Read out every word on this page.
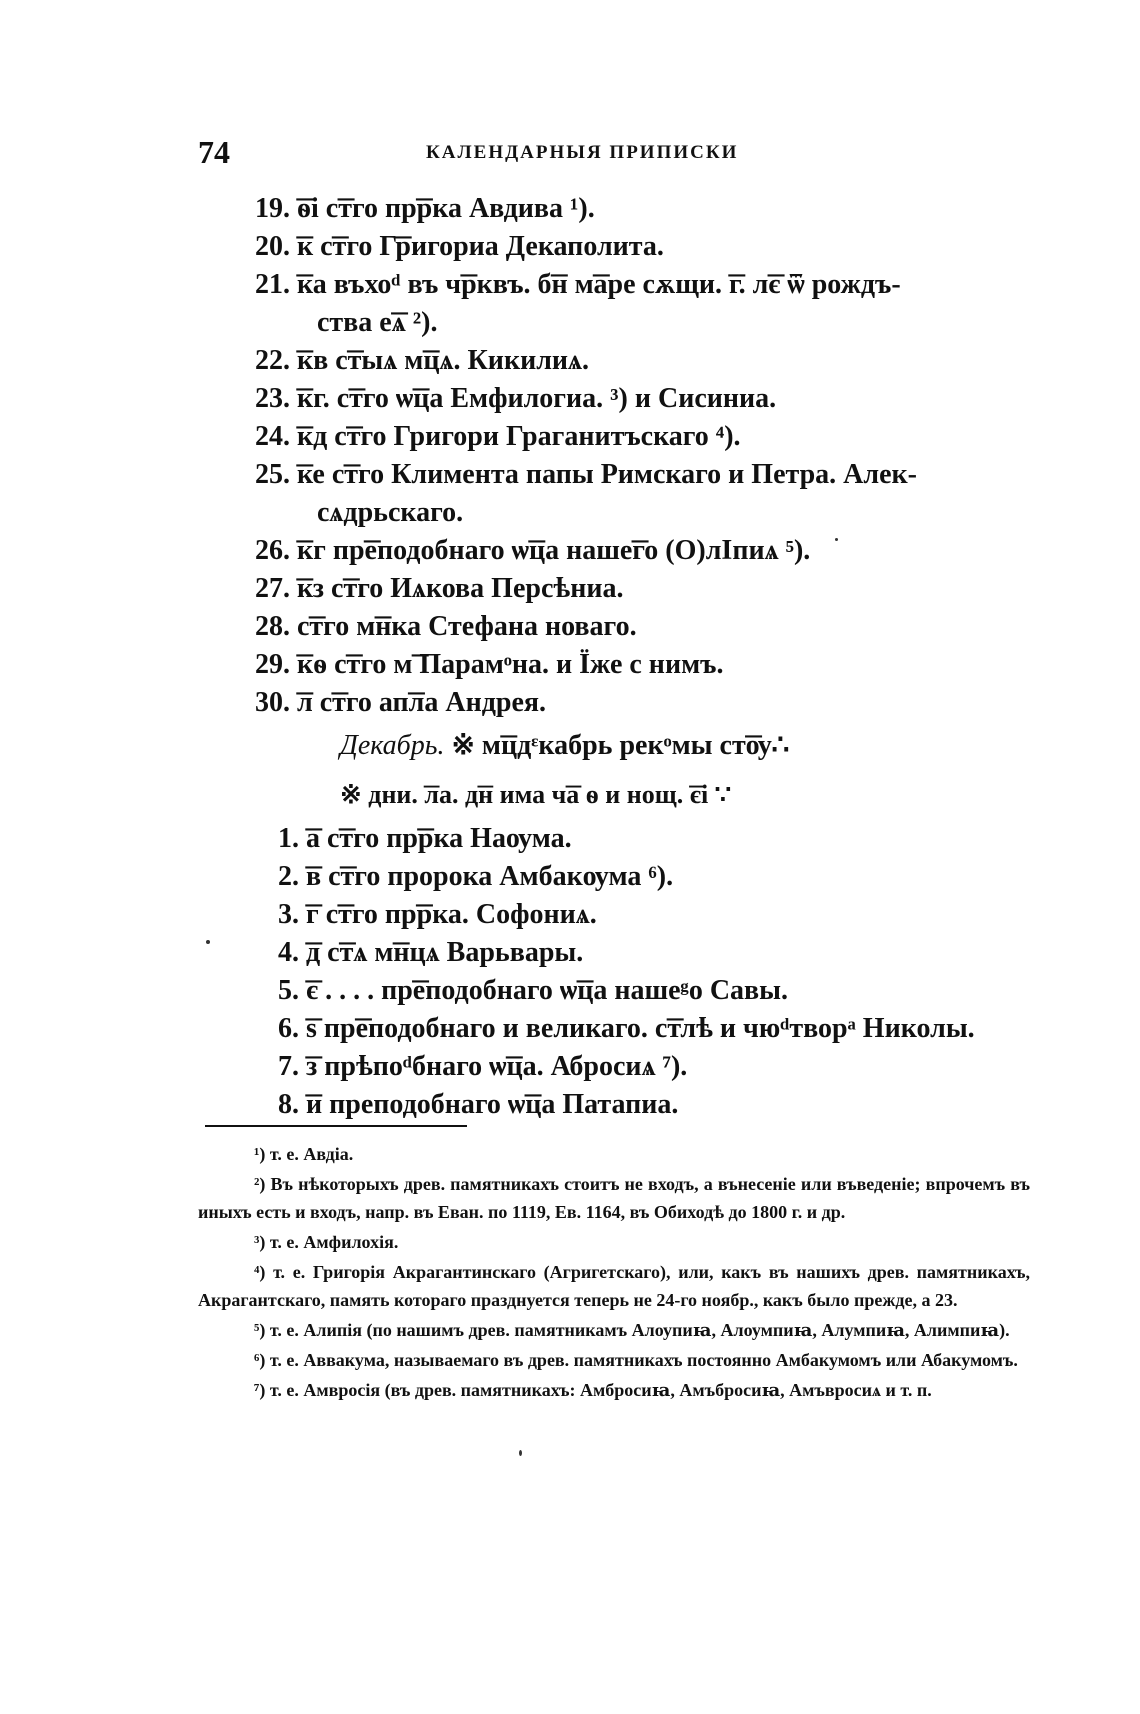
74	КАЛЕНДАРНЫЯ ПРИПИСКИ
19. ͞ѳі с͞тго пр͞рка Авдива ¹).
20. ͞к с͞тго Г͞ригориа Декаполита.
21. ͞ка въхоᵈ въ ч͞рквъ. б͞н м͞аре сѫщи. ͞г. л͞є ѿ рождъ-
ства е͞ѧ ²).
22. ͞кв с͞тыѧ м͞цѧ. Кикилиѧ.
23. ͞кг. с͞тго ѡ͞ца Емфилогиа. ³) и Сисиниа.
24. ͞кд с͞тго Григори Граганитъскаго ⁴).
25. ͞ке с͞тго Климента папы Римскаго и Петра. Алек-
сѧдрьскаго.
26. ͞кг пр͞еподобнаго ѡ͞ца наше͞го (О)лΙпиѧ ⁵).
27. ͞кз с͞тго Иѧкова Персѣниа.
28. с͞тго м͞нка Стефана новаго.
29. ͞кѳ с͞тго м͞ Парамᵒна. и Їже с нимъ.
30. ͞л с͞тго ап͞ла Андрея.
Декабрь. ※ м͞цдᵋкабрь рекᵒмы ст͞ѹ∴
※ дни. ͞ла. д͞н има ч͞а ѳ и нощ. ͞єі ∵
1. ͞а с͞тго пр͞рка Наѹма.
2. ͞в с͞тго пророка Амбакѹма ⁶).
3. ͞г с͞тго пр͞рка. Софониѧ.
4. ͞д с͞тѧ м͞нцѧ Варьвары.
5. ͞є . . . . пр͞еподобнаго ѡ͞ца нашеᵍо Савы.
6. ͞ѕ пр͞еподобнаго и великаго. с͞тлѣ и чюᵈтворᵃ Николы.
7. ͞з прѣпоᵈбнаго ѡ͞ца. Абросиѧ ⁷).
8. ͞и преподобнаго ѡ͞ца Патапиа.

¹) т. е. Авдіа.

²) Въ нѣкоторыхъ древ. памятникахъ стоитъ не входъ, а вънесеніе или въведеніе; впрочемъ въ иныхъ есть и входъ, напр. въ Еван. по 1119, Ев. 1164, въ Обиходѣ до 1800 г. и др.

³) т. е. Амфилохія.

⁴) т. е. Григорія Акрагантинскаго (Агригетскаго), или, какъ въ нашихъ древ. памятникахъ, Акрагантскаго, память котораго празднуется теперь не 24-го ноябр., какъ было прежде, а 23.

⁵) т. е. Алипія (по нашимъ древ. памятникамъ Алоупиꙗ, Алоумпиꙗ, Алумпиꙗ, Алимпиꙗ).

⁶) т. е. Аввакума, называемаго въ древ. памятникахъ постоянно Амбакумомъ или Абакумомъ.

⁷) т. е. Амвросія (въ древ. памятникахъ: Амбросиꙗ, Амъбросиꙗ, Амъвросиѧ и т. п.
